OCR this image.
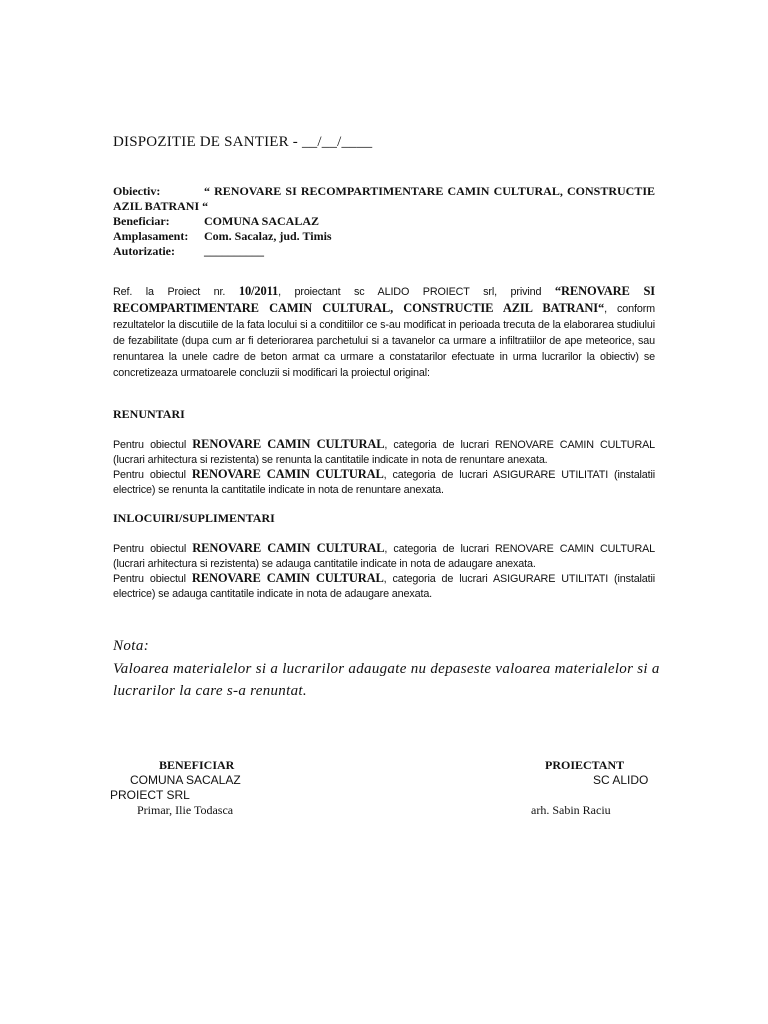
DISPOZITIE DE SANTIER - __/__/____
Obiectiv:	“ RENOVARE SI RECOMPARTIMENTARE CAMIN CULTURAL, CONSTRUCTIE AZIL BATRANI “
Beneficiar:	COMUNA SACALAZ
Amplasament: Com. Sacalaz, jud. Timis
Autorizatie: __________
Ref. la Proiect nr. 10/2011, proiectant sc ALIDO PROIECT srl, privind “RENOVARE SI RECOMPARTIMENTARE CAMIN CULTURAL, CONSTRUCTIE AZIL BATRANI“, conform rezultatelor la discutiile de la fata locului si a conditiilor ce s-au modificat in perioada trecuta de la elaborarea studiului de fezabilitate (dupa cum ar fi deteriorarea parchetului si a tavanelor ca urmare a infiltratiilor de ape meteorice, sau renuntarea la unele cadre de beton armat ca urmare a constatarilor efectuate in urma lucrarilor la obiectiv) se concretizeaza urmatoarele concluzii si modificari la proiectul original:
RENUNTARI
Pentru obiectul RENOVARE CAMIN CULTURAL, categoria de lucrari RENOVARE CAMIN CULTURAL (lucrari arhitectura si rezistenta) se renunta la cantitatile indicate in nota de renuntare anexata.
Pentru obiectul RENOVARE CAMIN CULTURAL, categoria de lucrari ASIGURARE UTILITATI (instalatii electrice) se renunta la cantitatile indicate in nota de renuntare anexata.
INLOCUIRI/SUPLIMENTARI
Pentru obiectul RENOVARE CAMIN CULTURAL, categoria de lucrari RENOVARE CAMIN CULTURAL (lucrari arhitectura si rezistenta) se adauga cantitatile indicate in nota de adaugare anexata.
Pentru obiectul RENOVARE CAMIN CULTURAL, categoria de lucrari ASIGURARE UTILITATI (instalatii electrice) se adauga cantitatile indicate in nota de adaugare anexata.
Nota:
Valoarea materialelor si a lucrarilor adaugate nu depaseste valoarea materialelor si a lucrarilor la care s-a renuntat.
BENEFICIAR
COMUNA SACALAZ
Primar, Ilie Todasca
PROIECTANT
SC ALIDO
PROIECT SRL
arh. Sabin Raciu
